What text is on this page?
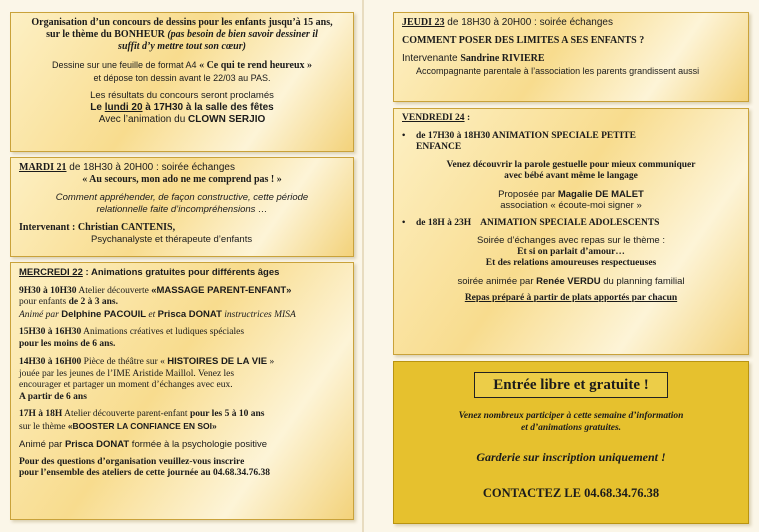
Organisation d’un concours de dessins pour les enfants jusqu’à 15 ans,

sur le thème du BONHEUR (pas besoin de bien savoir dessiner il

suffit d’y mettre tout son cœur)

Dessine sur une feuille de format A4 « Ce qui te rend heureux »

et dépose ton dessin avant le 22/03 au PAS.

Les résultats du concours seront proclamés

Le lundi 20 à 17H30 à la salle des fêtes

Avec l’animation du CLOWN SERJIO

MARDI 21 de 18H30 à 20H00 : soirée échanges

« Au secours, mon ado ne me comprend pas ! »

Comment appréhender, de façon constructive, cette période

relationnelle faite d’incompréhensions …

Intervenant : Christian CANTENIS,

Psychanalyste et thérapeute d’enfants

MERCREDI 22 : Animations gratuites pour différents âges

9H30 à 10H30 Atelier découverte «MASSAGE PARENT-ENFANT»

pour enfants de 2 à 3 ans.

Animé par Delphine PACOUIL et Prisca DONAT instructrices MISA

15H30 à 16H30 Animations créatives et ludiques spéciales

pour les moins de 6 ans.

14H30 à 16H00 Pièce de théâtre sur « HISTOIRES DE LA VIE »

jouée par les jeunes de l’IME Aristide Maillol. Venez les

encourager et partager un moment d’échanges avec eux.

A partir de 6 ans

17H à 18H Atelier découverte parent-enfant pour les 5 à 10 ans

sur le thème «BOOSTER LA CONFIANCE EN SOI»

Animé par Prisca DONAT formée à la psychologie positive

Pour des questions d’organisation veuillez-vous inscrire

pour l’ensemble des ateliers de cette journée au 04.68.34.76.38

JEUDI 23 de 18H30 à 20H00 : soirée échanges

COMMENT POSER DES LIMITES A SES ENFANTS ?

Intervenante Sandrine RIVIERE

Accompagnante parentale à l’association les parents grandissent aussi

VENDREDI 24 :

•	de 17H30 à 18H30 ANIMATION SPECIALE PETITE

ENFANCE

Venez découvrir la parole gestuelle pour mieux communiquer

avec bébé avant même le langage

Proposée par Magalie DE MALET

association « écoute-moi signer »

•	de 18H à 23H    ANIMATION SPECIALE ADOLESCENTS

Soirée d’échanges avec repas sur le thème :

Et si on parlait d’amour…

Et des relations amoureuses respectueuses

soirée animée par Renée VERDU du planning familial

Repas préparé à partir de plats apportés par chacun

Entrée libre et gratuite !

Venez nombreux participer à cette semaine d’information

et d’animations gratuites.

Garderie sur inscription uniquement !

CONTACTEZ LE 04.68.34.76.38
